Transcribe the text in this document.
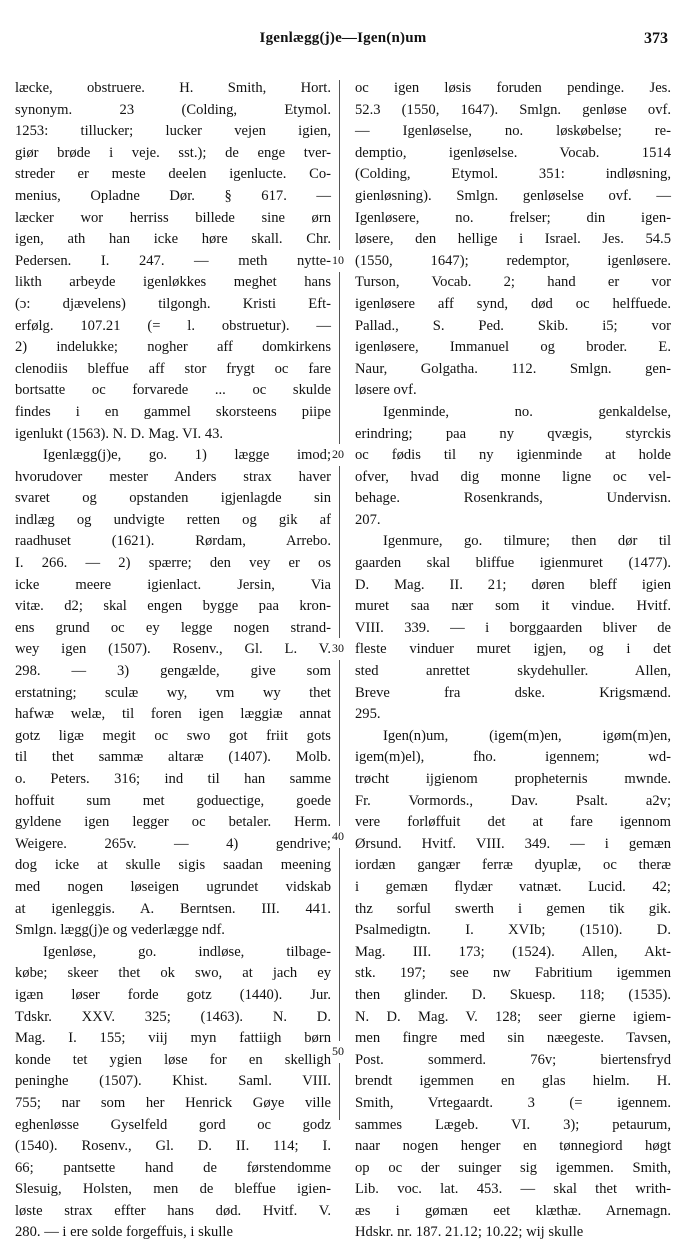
Igenlægg(j)e—Igen(n)um	373
læcke, obstruere. H. Smith, Hort.
synonym. 23 (Colding, Etymol.
1253: tillucker; lucker vejen igien,
giør brøde i veje. sst.); de enge tver-
streder er meste deelen igenlucte. Co-
menius, Opladne Dør. § 617. —
læcker wor herriss billede sine ørn
igen, ath han icke høre skall. Chr.
Pedersen. I. 247. — meth nytte-
likth arbeyde igenløkkes meghet hans
(ɔ: djævelens) tilgongh. Kristi Eft-
erfølg. 107.21 (= l. obstruetur). —
2) indelukke; nogher aff domkirkens
clenodiis bleffue aff stor frygt oc fare
bortsatte oc forvarede ... oc skulde
findes i en gammel skorsteens piipe
igenlukt (1563). N. D. Mag. VI. 43.
Igenlægg(j)e, go. 1) lægge imod;
hvorudover mester Anders strax haver
svaret og opstanden igjenlagde sin
indlæg og undvigte retten og gik af
raadhuset (1621). Rørdam, Arrebo.
I. 266. — 2) spærre; den vey er os
icke meere igienlact. Jersin, Via
vitæ. d2; skal engen bygge paa kron-
ens grund oc ey legge nogen strand-
wey igen (1507). Rosenv., Gl. L. V.
298. — 3) gengælde, give som
erstatning; sculæ wy, vm wy thet
hafwæ welæ, til foren igen læggiæ annat
gotz ligæ megit oc swo got friit gots
til thet sammæ altaræ (1407). Molb.
o. Peters. 316; ind til han samme
hoffuit sum met goduectige, goede
gyldene igen legger oc betaler. Herm.
Weigere. 265v. — 4) gendrive;
dog icke at skulle sigis saadan meening
med nogen løseigen ugrundet vidskab
at igenleggis. A. Berntsen. III. 441.
Smlgn. lægg(j)e og vederlægge ndf.
Igenløse, go. indløse, tilbage-
købe; skeer thet ok swo, at jach ey
igæn løser forde gotz (1440). Jur.
Tdskr. XXV. 325; (1463). N. D.
Mag. I. 155; viij myn fattiigh børn
konde tet ygien løse for en skelligh
peninghe (1507). Khist. Saml. VIII.
755; nar som her Henrick Gøye ville
eghenløsse Gyselfeld gord oc godz
(1540). Rosenv., Gl. D. II. 114; I.
66; pantsette hand de førstendomme
Slesuig, Holsten, men de bleffue igien-
løste strax effter hans død. Hvitf. V.
280. — i ere solde forgeffuis, i skulle
oc igen løsis foruden pendinge. Jes.
52.3 (1550, 1647). Smlgn. genløse ovf.
— Igenløselse, no. løskøbelse; re-
demptio, igenløselse. Vocab. 1514
(Colding, Etymol. 351: indløsning,
gienløsning). Smlgn. genløselse ovf. —
Igenløsere, no. frelser; din igen-
løsere, den hellige i Israel. Jes. 54.5
(1550, 1647); redemptor, igenløsere.
Turson, Vocab. 2; hand er vor
igenløsere aff synd, død oc helffuede.
Pallad., S. Ped. Skib. i5; vor
igenløsere, Immanuel og broder. E.
Naur, Golgatha. 112. Smlgn. gen-
løsere ovf.
Igenminde, no. genkaldelse,
erindring; paa ny qvægis, styrckis
oc fødis til ny igienminde at holde
ofver, hvad dig monne ligne oc vel-
behage. Rosenkrands, Undervisn.
207.
Igenmure, go. tilmure; then dør til
gaarden skal bliffue igienmuret (1477).
D. Mag. II. 21; døren bleff igien
muret saa nær som it vindue. Hvitf.
VIII. 339. — i borggaarden bliver de
fleste vinduer muret igjen, og i det
sted anrettet skydehuller. Allen,
Breve fra dske. Krigsmænd.
295.
Igen(n)um, (igem(m)en, igøm(m)en,
igem(m)el), fho. igennem; wd-
trøcht ijgienom propheternis mwnde.
Fr. Vormords., Dav. Psalt. a2v;
vere forløffuit det at fare igennom
Ørsund. Hvitf. VIII. 349. — i gemæn
iordæn gangær ferræ dyuplæ, oc theræ
i gemæn flydær vatnæt. Lucid. 42;
thz sorful swerth i gemen tik gik.
Psalmedigtn. I. XVIb; (1510). D.
Mag. III. 173; (1524). Allen, Akt-
stk. 197; see nw Fabritium igemmen
then glinder. D. Skuesp. 118; (1535).
N. D. Mag. V. 128; seer gierne igiem-
men fingre med sin næegeste. Tavsen,
Post. sommerd. 76v; biertensfryd
brendt igemmen en glas hielm. H.
Smith, Vrtegaardt. 3 (= igennem.
sammes Lægeb. VI. 3); petaurum,
naar nogen henger en tønnegiord høgt
op oc der suinger sig igemmen. Smith,
Lib. voc. lat. 453. — skal thet writh-
æs i gømæn eet klæthæ. Arnemagn.
Hdskr. nr. 187. 21.12; 10.22; wij skulle
10
20
30
40
50
